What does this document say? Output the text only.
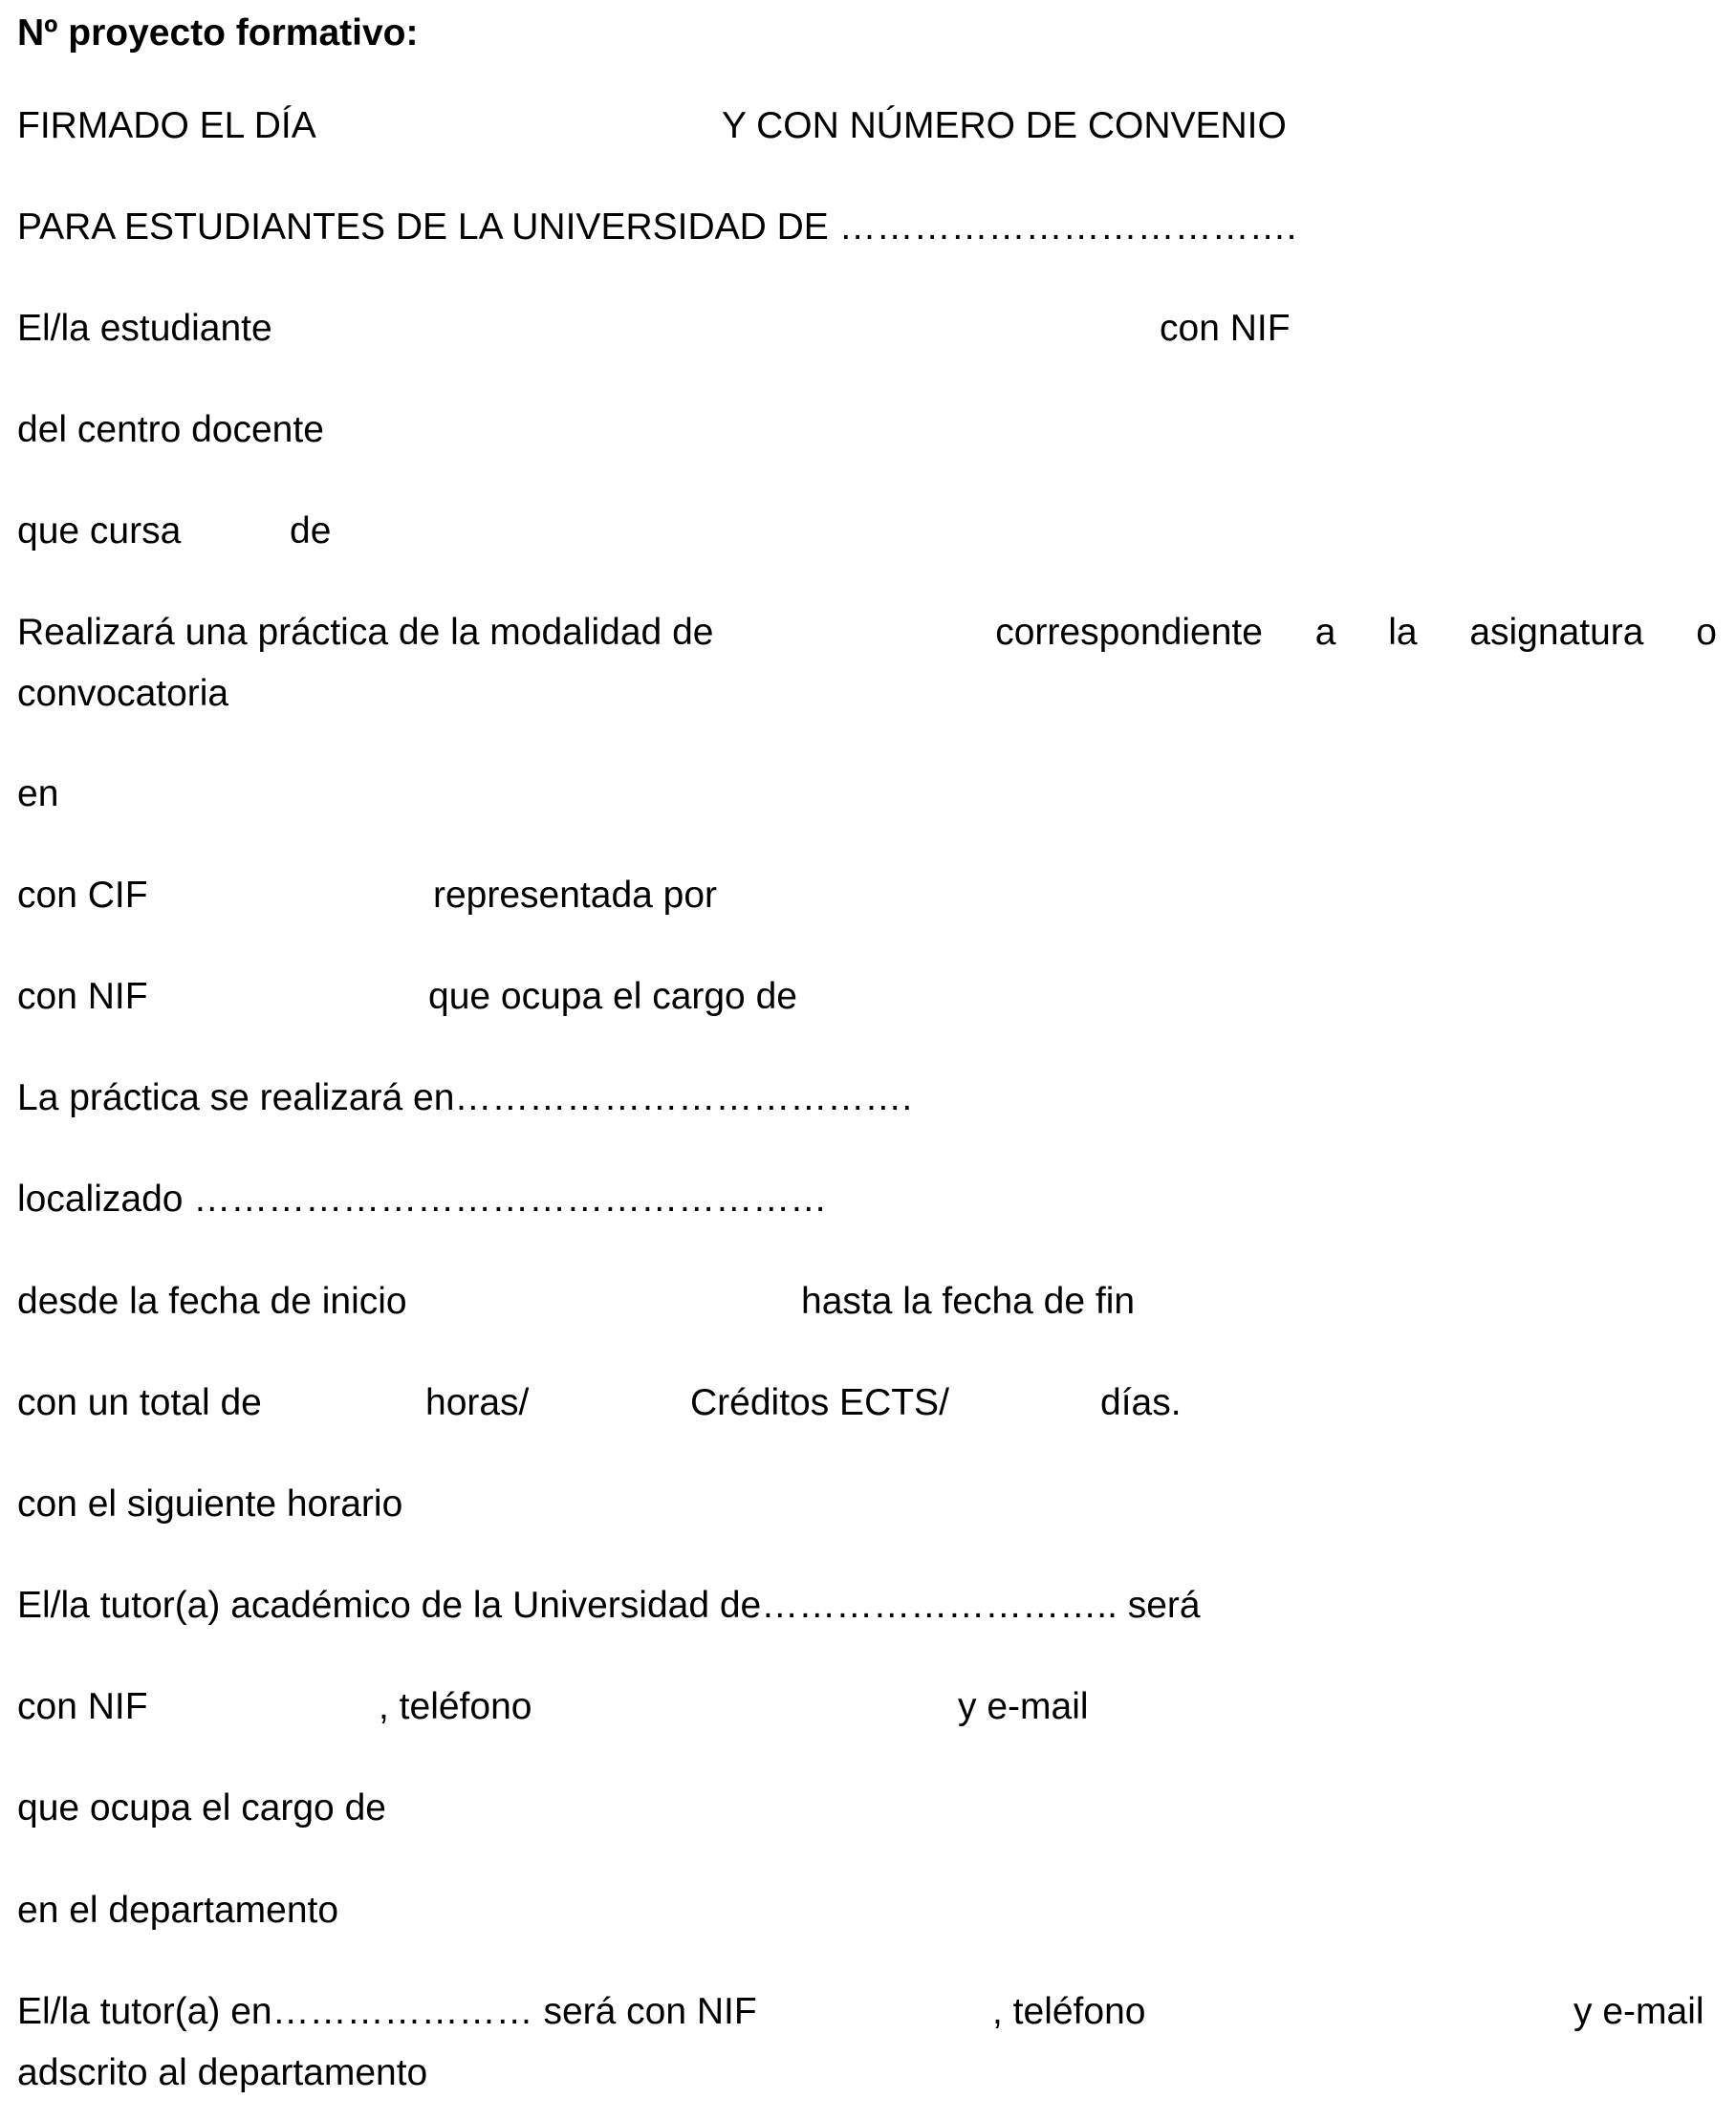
Nº proyecto formativo:
FIRMADO EL DÍA	Y CON NÚMERO DE CONVENIO
PARA ESTUDIANTES DE LA UNIVERSIDAD DE ……………………………….
El/la estudiante	con NIF
del centro docente
que cursa	de
Realizará una práctica de la modalidad de	correspondiente a la asignatura o
convocatoria
en
con CIF	representada por
con NIF	que ocupa el cargo de
La práctica se realizará en……………………………….
localizado ……………………………………………
desde la fecha de inicio	hasta la fecha de fin
con un total de	horas/	Créditos ECTS/	días.
con el siguiente horario
El/la tutor(a) académico de la Universidad de……………………….. será
con NIF	, teléfono	y e-mail
que ocupa el cargo de
en el departamento
El/la tutor(a) en………………… será con NIF	, teléfono	y e-mail
adscrito al departamento
